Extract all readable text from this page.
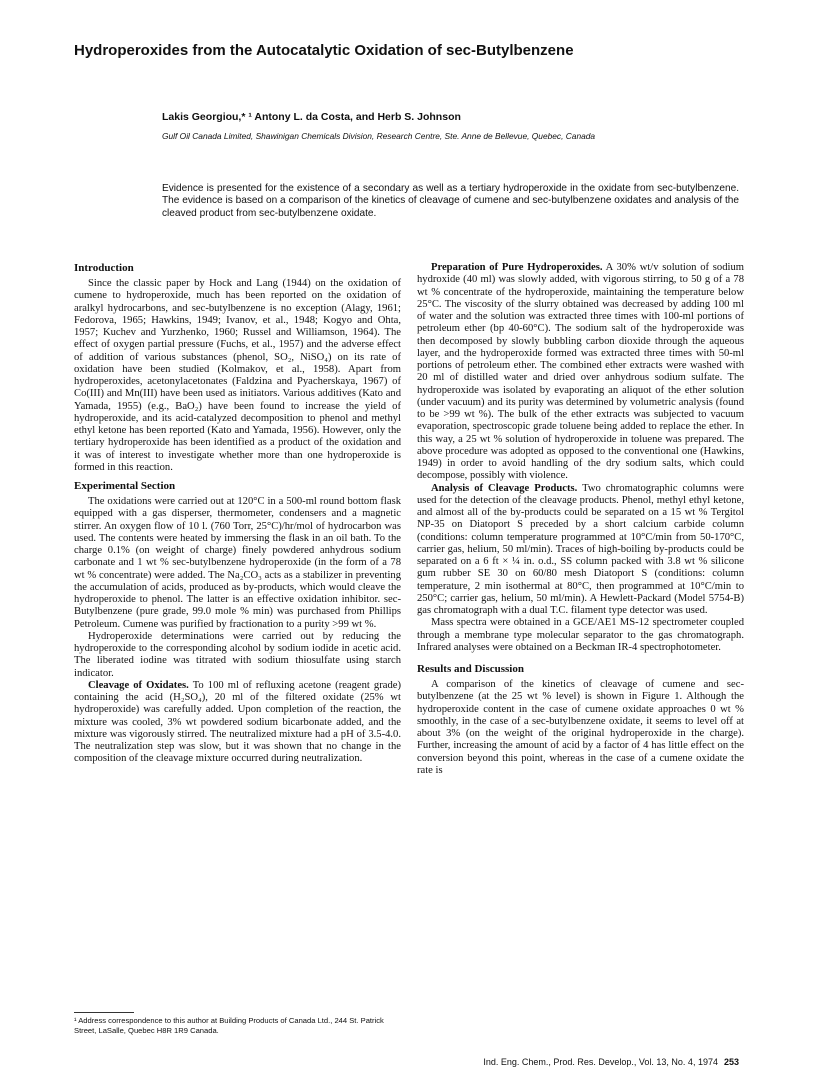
Hydroperoxides from the Autocatalytic Oxidation of sec-Butylbenzene
Lakis Georgiou,* ¹ Antony L. da Costa, and Herb S. Johnson
Gulf Oil Canada Limited, Shawinigan Chemicals Division, Research Centre, Ste. Anne de Bellevue, Quebec, Canada

Evidence is presented for the existence of a secondary as well as a tertiary hydroperoxide in the oxidate from sec-butylbenzene. The evidence is based on a comparison of the kinetics of cleavage of cumene and sec-butylbenzene oxidates and analysis of the cleaved product from sec-butylbenzene oxidate.

Introduction

Since the classic paper by Hock and Lang (1944) on the oxidation of cumene to hydroperoxide, much has been reported on the oxidation of aralkyl hydrocarbons, and sec-butylbenzene is no exception (Alagy, 1961; Fedorova, 1965; Hawkins, 1949; Ivanov, et al., 1948; Kogyo and Ohta, 1957; Kuchev and Yurzhenko, 1960; Russel and Williamson, 1964). The effect of oxygen partial pressure (Fuchs, et al., 1957) and the adverse effect of addition of various substances (phenol, SO₂, NiSO₄) on its rate of oxidation have been studied (Kolmakov, et al., 1958). Apart from hydroperoxides, acetonylacetonates (Faldzina and Pyacherskaya, 1967) of Co(III) and Mn(III) have been used as initiators. Various additives (Kato and Yamada, 1955) (e.g., BaO₂) have been found to increase the yield of hydroperoxide, and its acid-catalyzed decomposition to phenol and methyl ethyl ketone has been reported (Kato and Yamada, 1956). However, only the tertiary hydroperoxide has been identified as a product of the oxidation and it was of interest to investigate whether more than one hydroperoxide is formed in this reaction.

Experimental Section

The oxidations were carried out at 120°C in a 500-ml round bottom flask equipped with a gas disperser, thermometer, condensers and a magnetic stirrer. An oxygen flow of 10 l. (760 Torr, 25°C)/hr/mol of hydrocarbon was used. The contents were heated by immersing the flask in an oil bath. To the charge 0.1% (on weight of charge) finely powdered anhydrous sodium carbonate and 1 wt % sec-butylbenzene hydroperoxide (in the form of a 78 wt % concentrate) were added. The Na₂CO₃ acts as a stabilizer in preventing the accumulation of acids, produced as by-products, which would cleave the hydroperoxide to phenol. The latter is an effective oxidation inhibitor. sec-Butylbenzene (pure grade, 99.0 mole % min) was purchased from Phillips Petroleum. Cumene was purified by fractionation to a purity >99 wt %.

Hydroperoxide determinations were carried out by reducing the hydroperoxide to the corresponding alcohol by sodium iodide in acetic acid. The liberated iodine was titrated with sodium thiosulfate using starch indicator.

Cleavage of Oxidates. To 100 ml of refluxing acetone (reagent grade) containing the acid (H₂SO₄), 20 ml of the filtered oxidate (25% wt hydroperoxide) was carefully added. Upon completion of the reaction, the mixture was cooled, 3% wt powdered sodium bicarbonate added, and the mixture was vigorously stirred. The neutralized mixture had a pH of 3.5-4.0. The neutralization step was slow, but it was shown that no change in the composition of the cleavage mixture occurred during neutralization.

Preparation of Pure Hydroperoxides. A 30% wt/v solution of sodium hydroxide (40 ml) was slowly added, with vigorous stirring, to 50 g of a 78 wt % concentrate of the hydroperoxide, maintaining the temperature below 25°C. The viscosity of the slurry obtained was decreased by adding 100 ml of water and the solution was extracted three times with 100-ml portions of petroleum ether (bp 40-60°C). The sodium salt of the hydroperoxide was then decomposed by slowly bubbling carbon dioxide through the aqueous layer, and the hydroperoxide formed was extracted three times with 50-ml portions of petroleum ether. The combined ether extracts were washed with 20 ml of distilled water and dried over anhydrous sodium sulfate. The hydroperoxide was isolated by evaporating an aliquot of the ether solution (under vacuum) and its purity was determined by volumetric analysis (found to be >99 wt %). The bulk of the ether extracts was subjected to vacuum evaporation, spectroscopic grade toluene being added to replace the ether. In this way, a 25 wt % solution of hydroperoxide in toluene was prepared. The above procedure was adopted as opposed to the conventional one (Hawkins, 1949) in order to avoid handling of the dry sodium salts, which could decompose, possibly with violence.

Analysis of Cleavage Products. Two chromatographic columns were used for the detection of the cleavage products. Phenol, methyl ethyl ketone, and almost all of the by-products could be separated on a 15 wt % Tergitol NP-35 on Diatoport S preceded by a short calcium carbide column (conditions: column temperature programmed at 10°C/min from 50-170°C, carrier gas, helium, 50 ml/min). Traces of high-boiling by-products could be separated on a 6 ft × ¼ in. o.d., SS column packed with 3.8 wt % silicone gum rubber SE 30 on 60/80 mesh Diatoport S (conditions: column temperature, 2 min isothermal at 80°C, then programmed at 10°C/min to 250°C; carrier gas, helium, 50 ml/min). A Hewlett-Packard (Model 5754-B) gas chromatograph with a dual T.C. filament type detector was used.

Mass spectra were obtained in a GCE/AE1 MS-12 spectrometer coupled through a membrane type molecular separator to the gas chromatograph. Infrared analyses were obtained on a Beckman IR-4 spectrophotometer.

Results and Discussion

A comparison of the kinetics of cleavage of cumene and sec-butylbenzene (at the 25 wt % level) is shown in Figure 1. Although the hydroperoxide content in the case of cumene oxidate approaches 0 wt % smoothly, in the case of a sec-butylbenzene oxidate, it seems to level off at about 3% (on the weight of the original hydroperoxide in the charge). Further, increasing the amount of acid by a factor of 4 has little effect on the conversion beyond this point, whereas in the case of a cumene oxidate the rate is

¹ Address correspondence to this author at Building Products of Canada Ltd., 244 St. Patrick Street, LaSalle, Quebec H8R 1R9 Canada.

Ind. Eng. Chem., Prod. Res. Develop., Vol. 13, No. 4, 1974 253
